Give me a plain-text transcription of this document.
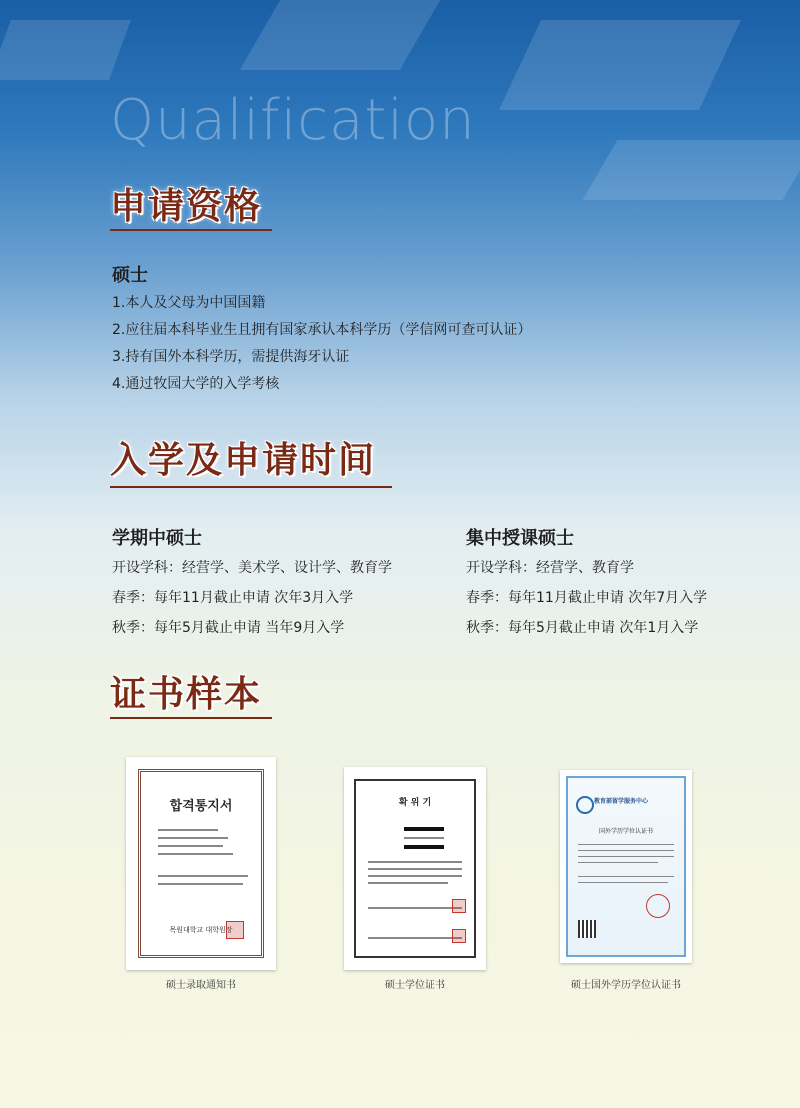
Qualification
申请资格
硕士
1.本人及父母为中国国籍
2.应往届本科毕业生且拥有国家承认本科学历（学信网可查可认证）
3.持有国外本科学历，需提供海牙认证
4.通过牧园大学的入学考核
入学及申请时间
学期中硕士
开设学科：经营学、美术学、设计学、教育学
春季：每年11月截止申请 次年3月入学
秋季：每年5月截止申请 当年9月入学
集中授课硕士
开设学科：经营学、教育学
春季：每年11月截止申请 次年7月入学
秋季：每年5月截止申请 次年1月入学
证书样本
합격통지서
목원대학교 대학원장
硕士录取通知书
확 위 기
硕士学位证书
教育部留学服务中心
国外学历学位认证书
硕士国外学历学位认证书
